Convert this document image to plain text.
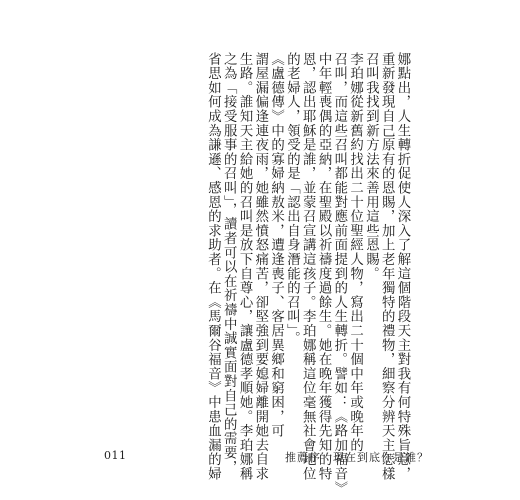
娜點出，人生轉折促使人深入了解這個階段天主對我有何特殊旨意，
重新發現自己原有的恩賜，加上老年獨特的禮物，細察分辨天主怎樣
召叫我找到新方法來善用這些恩賜。
李珀娜從新舊約找出二十位聖經人物，寫出二十個中年或晚年的
召叫，而這些召叫都能對應前面提到的人生轉折。譬如：《路加福音》
中年輕喪偶的亞納，在聖殿以祈禱度過餘生。她在晚年獲得先知的特
恩，認出耶穌是誰，並蒙召宣講這孩子。李珀娜稱這位毫無社會地位
的老婦人，領受的是「認出自身潛能的召叫」。
《盧德傳》中的寡婦納敖米，遭逢喪子、客居異鄉和窮困，可
謂屋漏偏逢連夜雨，她雖然憤怒痛苦，卻堅強到要媳婦離開她去自求
生路。誰知天主給她的召叫是放下自尊心，讓盧德孝順她。李珀娜稱
之為「接受服事的召叫」，讀者可以在祈禱中誠實面對自己的需要，
省思如何成為謙遜、感恩的求助者。在《馬爾谷福音》中患血漏的婦
011	推薦序　現在到底你是誰？
